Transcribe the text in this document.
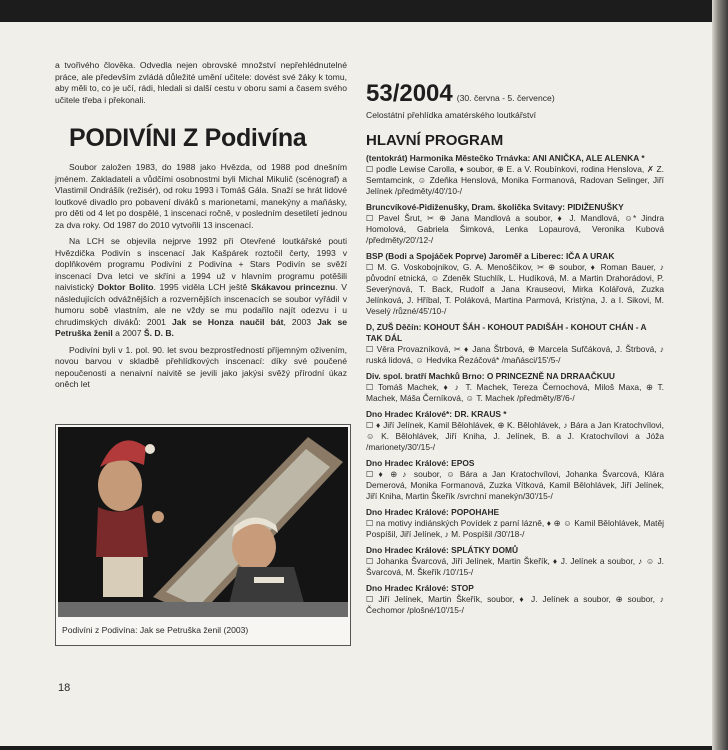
a tvořivého člověka. Odvedla nejen obrovské množství nepřehlédnutelné práce, ale především zvládá důležité umění učitele: dovést své žáky k tomu, aby měli to, co je učí, rádi, hledali si další cestu v oboru sami a časem svého učitele třeba i překonali.

PODIVÍNI Z Podivína

Soubor založen 1983, do 1988 jako Hvězda, od 1988 pod dnešním jménem. Zakladateli a vůdčími osobnostmi byli Michal Mikulič (scénograf) a Vlastimil Ondrášík (režisér), od roku 1993 i Tomáš Gála. Snaží se hrát lidové loutkové divadlo pro pobavení diváků s marionetami, manekýny a maňásky, pro děti od 4 let po dospělé, 1 inscenaci ročně, v posledním desetiletí jednou za dva roky. Od 1987 do 2010 vytvořili 13 inscenací.

Na LCH se objevila nejprve 1992 při Otevřené loutkářské pouti Hvězdička Podivín s inscenací Jak Kašpárek roztočil čerty, 1993 v doplňkovém programu Podivíni z Podivína + Stars Podivín se svěží inscenací Dva letci ve skříni a 1994 už v hlavním programu potěšili naivistický Doktor Bolito. 1995 viděla LCH ještě Skákavou princeznu. V následujících odvážnějších a rozvernějších inscenacích se soubor vyřádil v humoru sobě vlastním, ale ne vždy se mu podařilo najít odezvu i u chrudimských diváků: 2001 Jak se Honza naučil bát, 2003 Jak se Petruška ženil a 2007 Š. D. B.

Podivíni byli v 1. pol. 90. let svou bezprostředností příjemným oživením, novou barvou v skladbě přehlídkových inscenací: díky své poučené nepoučenosti a nenaivní naivitě se jevili jako jakýsi svěžý přírodní úkaz oněch let

Podivíni z Podivína: Jak se Petruška ženil (2003)
18
53/2004 (30. června - 5. července)
Celostátní přehlídka amatérského loutkářství
HLAVNÍ PROGRAM

(tentokrát) Harmonika Městečko Trnávka: ANI ANIČKA, ALE ALENKA *

☐ podle Lewise Carolla, ♦ soubor, ⊕ E. a V. Roubínkovi, rodina Henslova, ✗ Z. Semtamcink, ☺ Zdeňka Henslová, Monika Formanová, Radovan Selinger, Jiří Jelínek /předměty/40'/10-/

Bruncvíkové-Pidiženušky, Dram. školička Svitavy: PIDIŽENUŠKY

☐ Pavel Šrut, ✂ ⊕ Jana Mandlová a soubor, ♦ J. Mandlová, ☺* Jindra Homolová, Gabriela Šimková, Lenka Lopaurová, Veronika Kubová /předměty/20'/12-/

BSP (Bodi a Spojáček Poprve) Jaroměř a Liberec: IČA A URAK

☐ M. G. Voskobojnikov, G. A. Menoščikov, ✂ ⊕ soubor, ♦ Roman Bauer, ♪ původní etnická, ☺ Zdeněk Stuchlík, L. Hudíková, M. a Martin Drahorádovi, P. Severýnová, T. Back, Rudolf a Jana Krauseovi, Mirka Kolářová, Zuzka Jelínková, J. Hříbal, T. Poláková, Martina Parmová, Kristýna, J. a I. Sikovi, M. Veselý /různé/45'/10-/

D, ZUŠ Děčín: KOHOUT ŠÁH - KOHOUT PADIŠÁH - KOHOUT CHÁN - A TAK DÁL

☐ Věra Provazníková, ✂ ♦ Jana Štrbová, ⊕ Marcela Sufčáková, J. Štrbová, ♪ ruská lidová, ☺ Hedvika Řezáčová* /maňásci/15'/5-/

Div. spol. bratří Machků Brno: O PRINCEZNĚ NA DRRAAČKUU

☐ Tomáš Machek, ♦ ♪ T. Machek, Tereza Černochová, Miloš Maxa, ⊕ T. Machek, Máša Černíková, ☺ T. Machek /předměty/8'/6-/

Dno Hradec Králové*: DR. KRAUS *

☐ ♦ Jiří Jelínek, Kamil Bělohlávek, ⊕ K. Bělohlávek, ♪ Bára a Jan Kratochvílovi, ☺ K. Bělohlávek, Jiří Kniha, J. Jelínek, B. a J. Kratochvílovi a Jóža /marionety/30'/15-/

Dno Hradec Králové: EPOS

☐ ♦ ⊕ ♪ soubor, ☺ Bára a Jan Kratochvílovi, Johanka Švarcová, Klára Demerová, Monika Formanová, Zuzka Vítková, Kamil Bělohlávek, Jiří Jelínek, Jiří Kniha, Martin Škeřík /svrchní manekýn/30'/15-/

Dno Hradec Králové: POPOHAHE

☐ na motivy indiánských Povídek z parní lázně, ♦ ⊕ ☺ Kamil Bělohlávek, Matěj Pospíšil, Jiří Jelínek, ♪ M. Pospíšil /30'/18-/

Dno Hradec Králové: SPLÁTKY DOMŮ

☐ Johanka Švarcová, Jiří Jelínek, Martin Škeřík, ♦ J. Jelínek a soubor, ♪ ☺ J. Švarcová, M. Škeřík /10'/15-/

Dno Hradec Králové: STOP

☐ Jiří Jelínek, Martin Škeřík, soubor, ♦ J. Jelínek a soubor, ⊕ soubor, ♪ Čechomor /plošné/10'/15-/
